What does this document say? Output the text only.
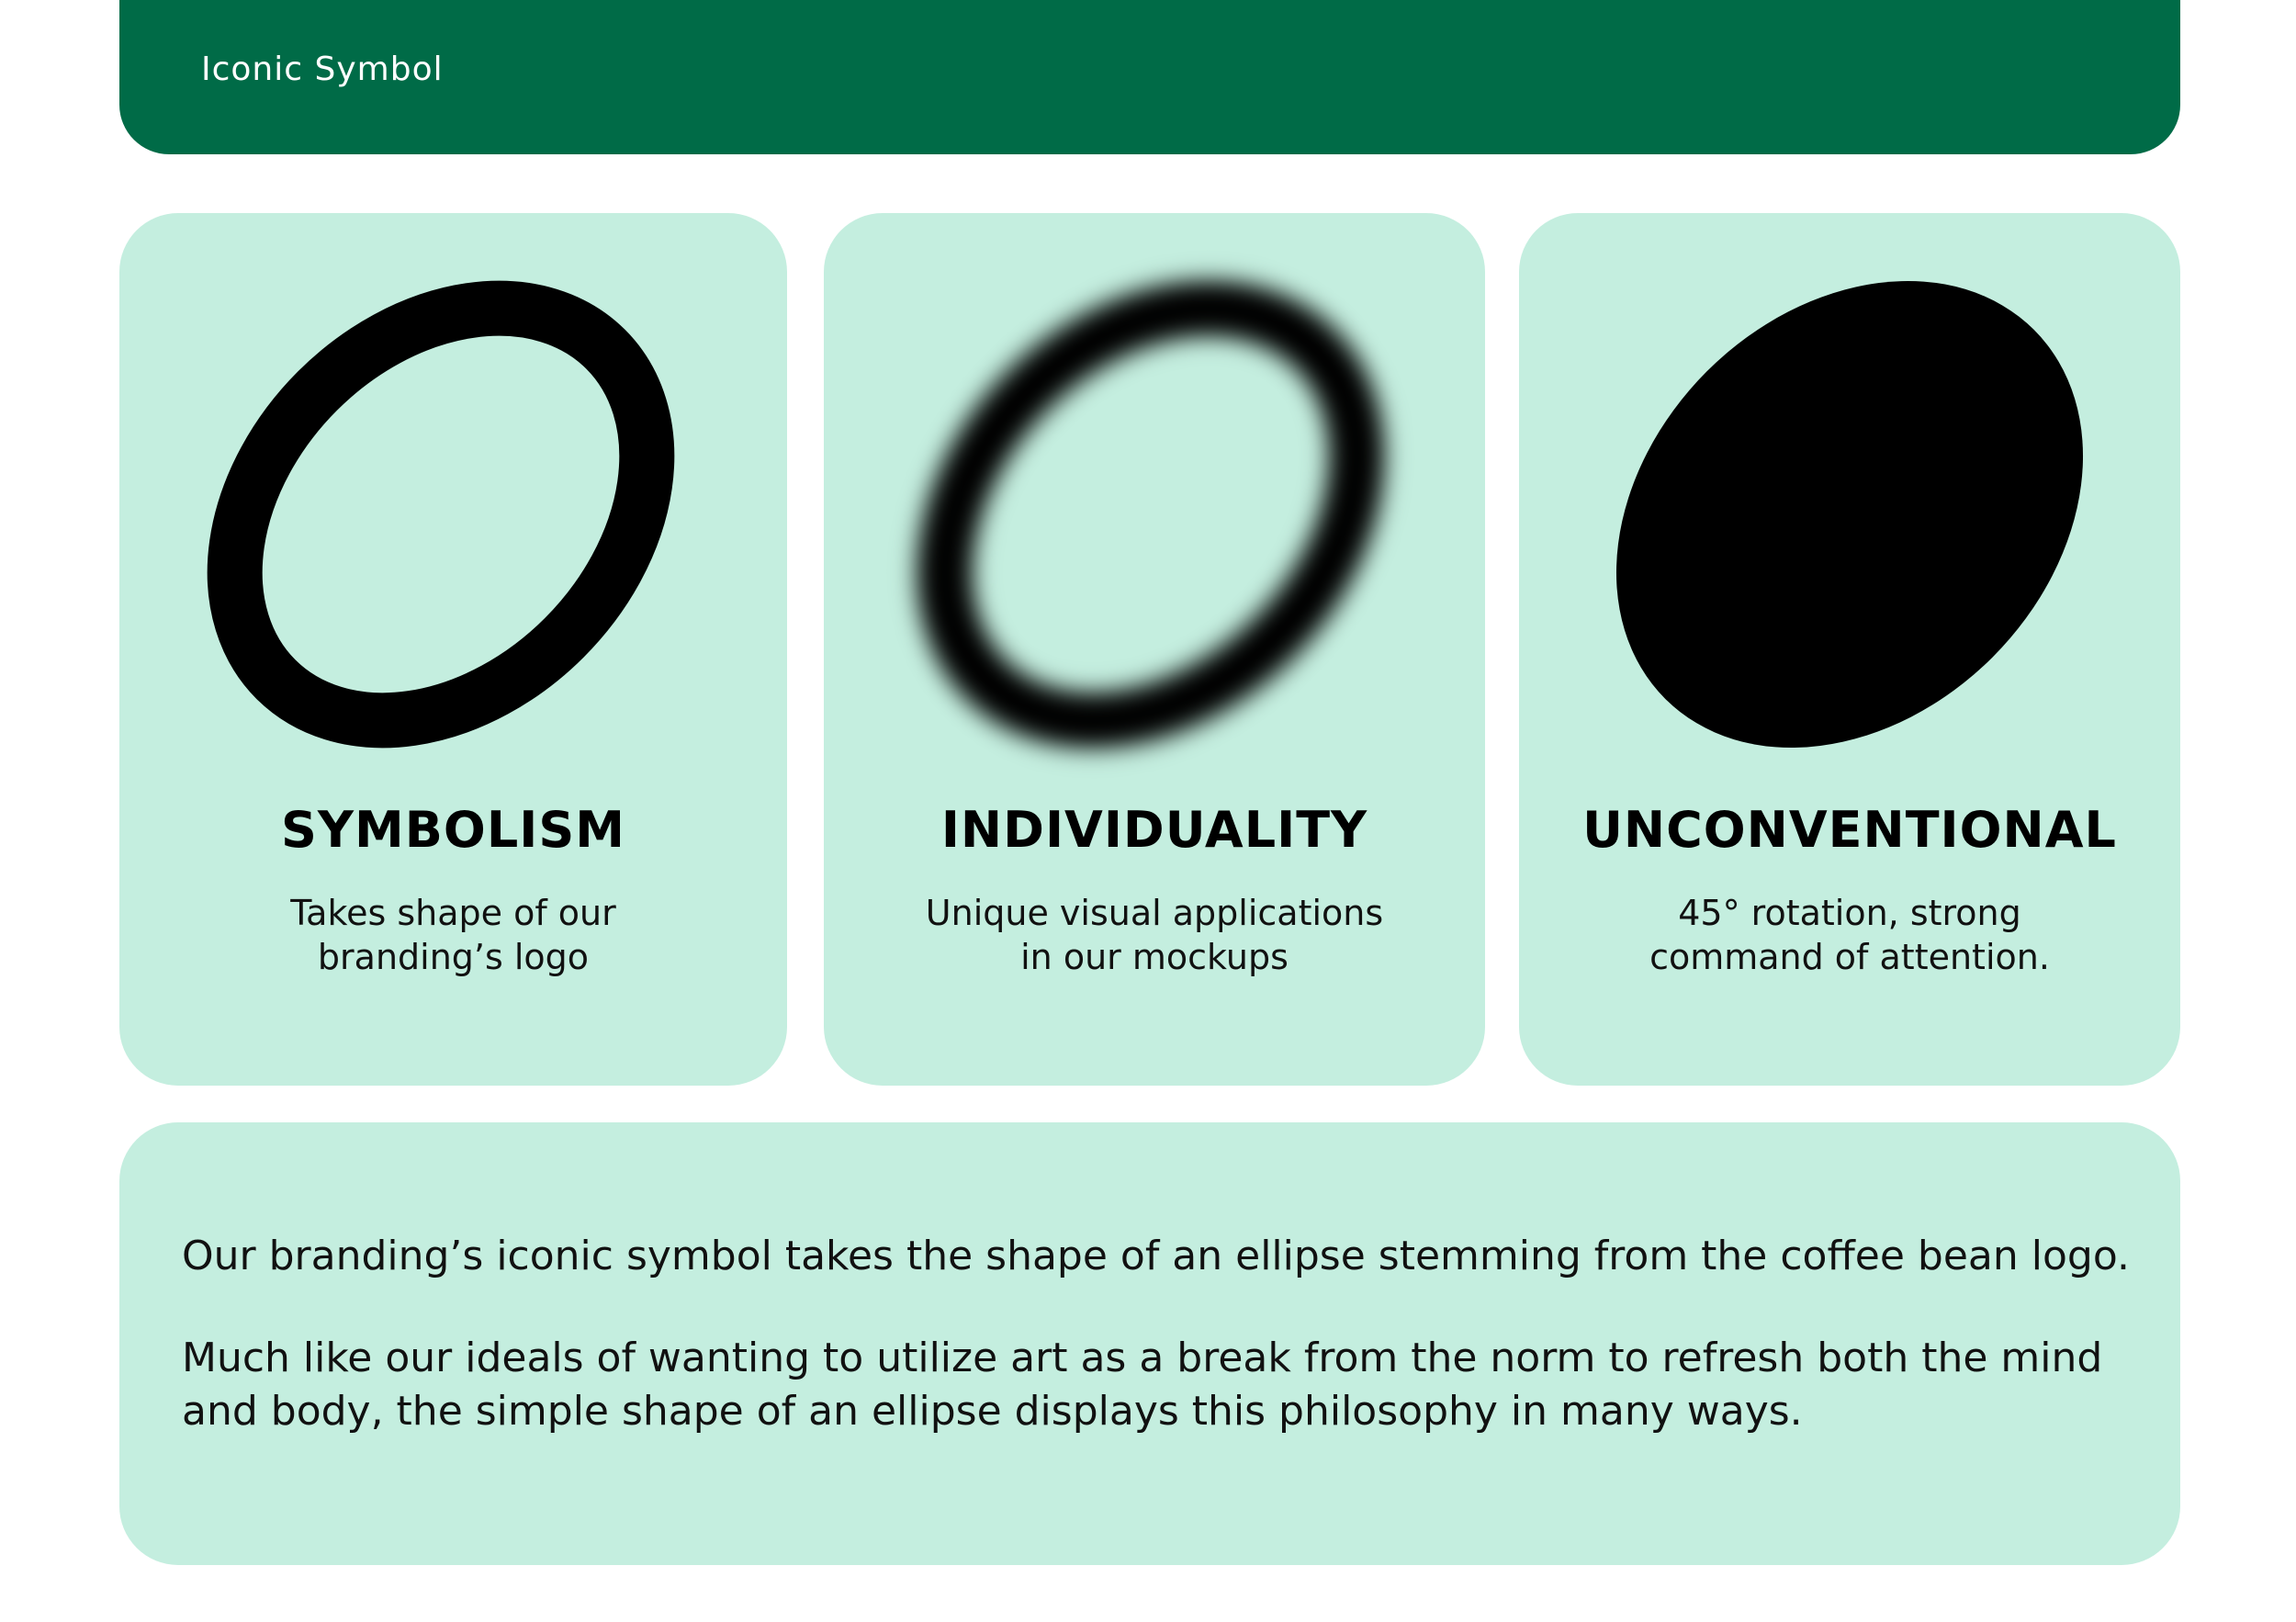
Iconic Symbol
SYMBOLISM
Takes shape of our
branding’s logo
INDIVIDUALITY
Unique visual applications
in our mockups
UNCONVENTIONAL
45° rotation, strong
command of attention.
Our branding’s iconic symbol takes the shape of an ellipse stemming from the coffee bean logo.
Much like our ideals of wanting to utilize art as a break from the norm to refresh both the mind
and body, the simple shape of an ellipse displays this philosophy in many ways.
